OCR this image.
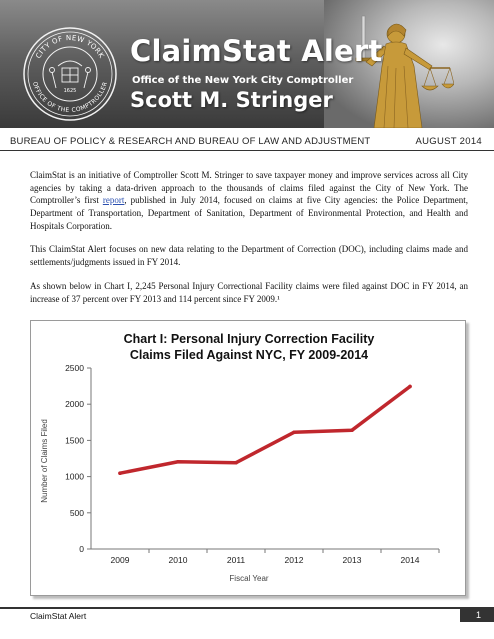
CITY OF NEW YORK
OFFICE OF THE COMPTROLLER
1625
ClaimStat Alert
Office of the New York City Comptroller
Scott M. Stringer
BUREAU OF POLICY & RESEARCH AND BUREAU OF LAW AND ADJUSTMENT	AUGUST 2014

ClaimStat is an initiative of Comptroller Scott M. Stringer to save taxpayer money and improve services across all City agencies by taking a data-driven approach to the thousands of claims filed against the City of New York. The Comptroller’s first report, published in July 2014, focused on claims at five City agencies: the Police Department, Department of Transportation, Department of Sanitation, Department of Environmental Protection, and Health and Hospitals Corporation.

This ClaimStat Alert focuses on new data relating to the Department of Correction (DOC), including claims made and settlements/judgments issued in FY 2014.

As shown below in Chart I, 2,245 Personal Injury Correctional Facility claims were filed against DOC in FY 2014, an increase of 37 percent over FY 2013 and 114 percent since FY 2009.¹

Chart I: Personal Injury Correction Facility
Claims Filed Against NYC, FY 2009-2014
Fiscal Year
Number of Claims Filed
0
500
1000
1500
2000
2500
2009	2010	2011	2012	2013	2014
ClaimStat Alert	1
